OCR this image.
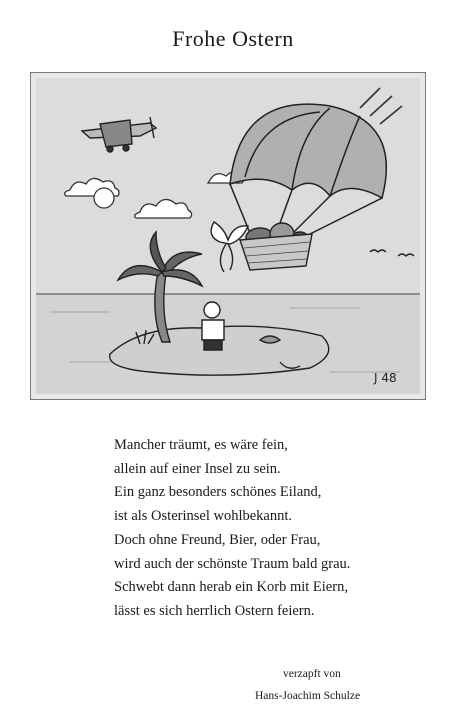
Frohe Ostern
J 48

Mancher träumt, es wäre fein,
allein auf einer Insel zu sein.
Ein ganz besonders schönes Eiland,
ist als Osterinsel wohlbekannt.
Doch ohne Freund, Bier, oder Frau,
wird auch der schönste Traum bald grau.
Schwebt dann herab ein Korb mit Eiern,
lässt es sich herrlich Ostern feiern.
verzapft von
Hans-Joachim Schulze
